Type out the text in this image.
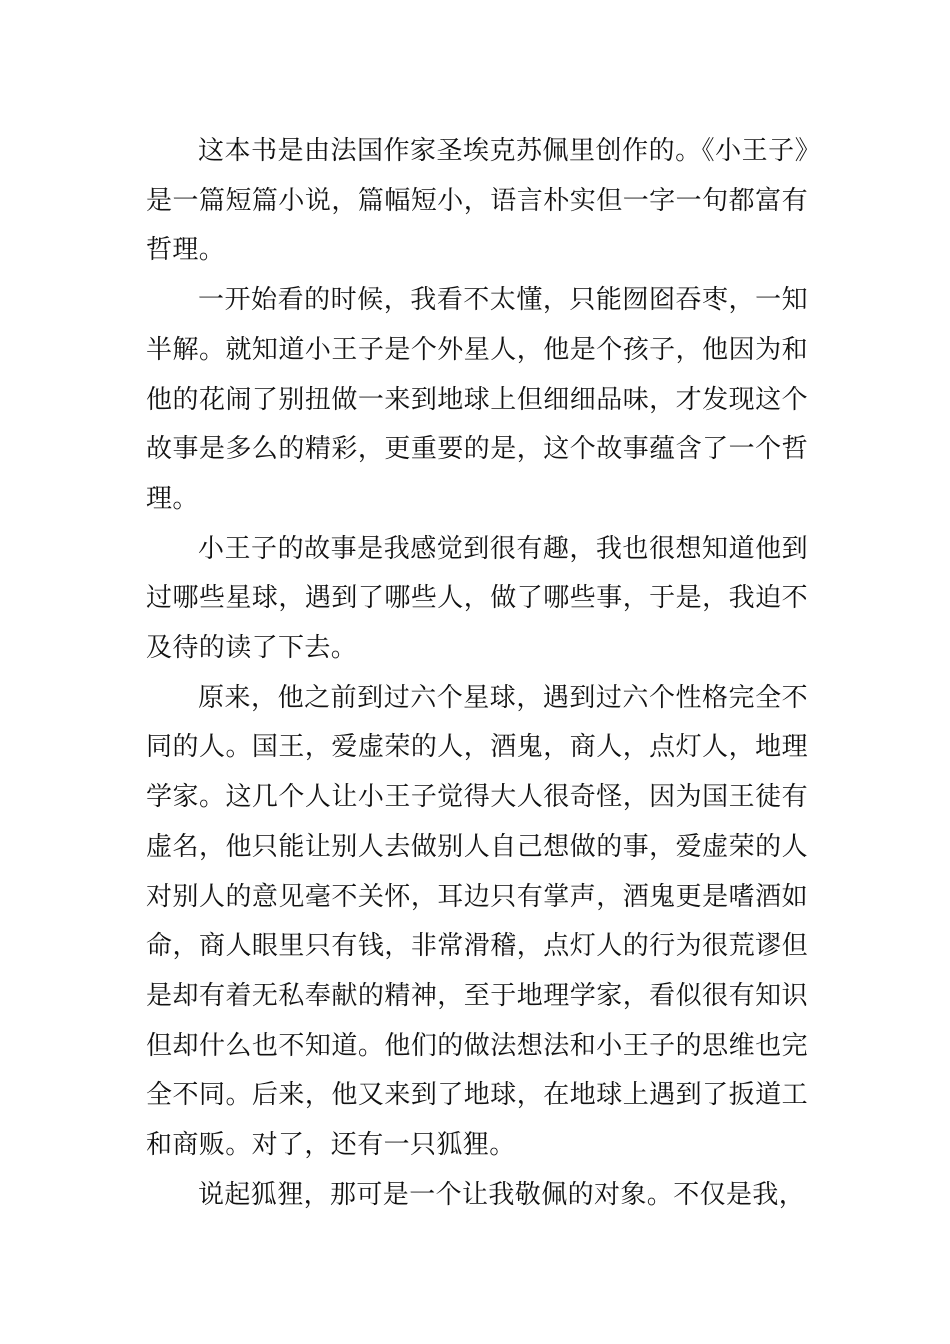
这本书是由法国作家圣埃克苏佩里创作的。《小王子》是一篇短篇小说，篇幅短小，语言朴实但一字一句都富有哲理。

一开始看的时候，我看不太懂，只能囫囵吞枣，一知半解。就知道小王子是个外星人，他是个孩子，他因为和他的花闹了别扭做一来到地球上但细细品味，才发现这个故事是多么的精彩，更重要的是，这个故事蕴含了一个哲理。

小王子的故事是我感觉到很有趣，我也很想知道他到过哪些星球，遇到了哪些人，做了哪些事，于是，我迫不及待的读了下去。

原来，他之前到过六个星球，遇到过六个性格完全不同的人。国王，爱虚荣的人，酒鬼，商人，点灯人，地理学家。这几个人让小王子觉得大人很奇怪，因为国王徒有虚名，他只能让别人去做别人自己想做的事，爱虚荣的人对别人的意见毫不关怀，耳边只有掌声，酒鬼更是嗜酒如命，商人眼里只有钱，非常滑稽，点灯人的行为很荒谬但是却有着无私奉献的精神，至于地理学家，看似很有知识但却什么也不知道。他们的做法想法和小王子的思维也完全不同。后来，他又来到了地球，在地球上遇到了扳道工和商贩。对了，还有一只狐狸。

说起狐狸，那可是一个让我敬佩的对象。不仅是我，
